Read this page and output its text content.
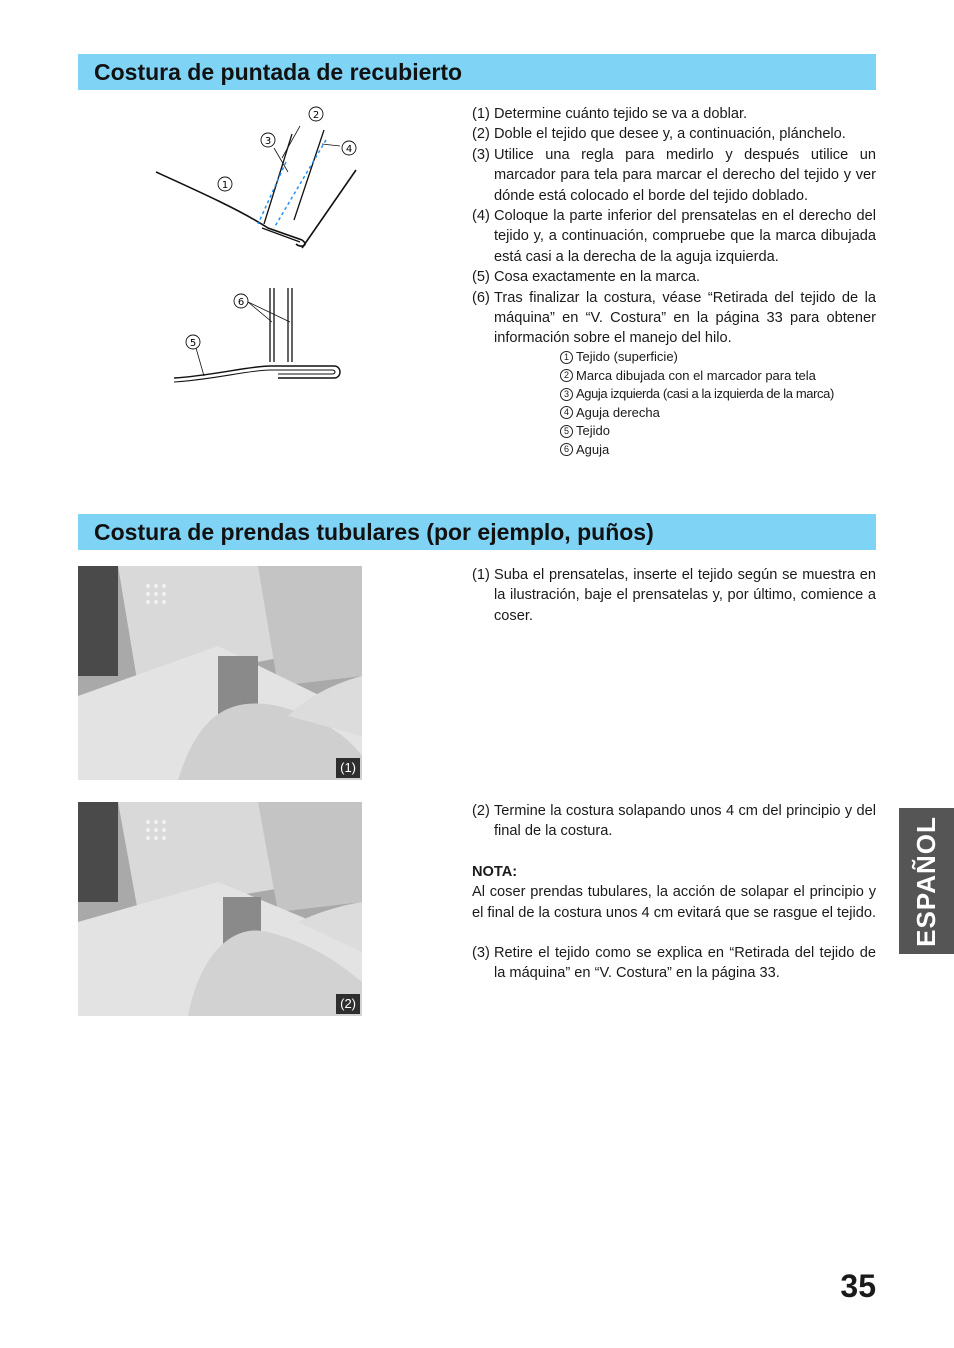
Costura de puntada de recubierto
1
2
3
4
6
5
(1) Determine cuánto tejido se va a doblar.
(2) Doble el tejido que desee y, a continuación, plánchelo.
(3) Utilice una regla para medirlo y después utilice un marcador para tela para marcar el derecho del tejido y ver dónde está colocado el borde del tejido doblado.
(4) Coloque la parte inferior del prensatelas en el derecho del tejido y, a continuación, compruebe que la marca dibujada está casi a la derecha de la aguja izquierda.
(5) Cosa exactamente en la marca.
(6) Tras finalizar la costura, véase “Retirada del tejido de la máquina” en “V. Costura” en la página 33 para obtener información sobre el manejo del hilo.
1 Tejido (superficie)
2 Marca dibujada con el marcador para tela
3 Aguja izquierda (casi a la izquierda de la marca)
4 Aguja derecha
5 Tejido
6 Aguja
Costura de prendas tubulares (por ejemplo, puños)
(1)
(2)
(1) Suba el prensatelas, inserte el tejido según se muestra en la ilustración, baje el prensatelas y, por último, comience a coser.
(2) Termine la costura solapando unos 4 cm del principio y del final de la costura.
NOTA:
Al coser prendas tubulares, la acción de solapar el principio y el final de la costura unos 4 cm evitará que se rasgue el tejido.
(3) Retire el tejido como se explica en “Retirada del tejido de la máquina” en “V. Costura” en la página 33.
ESPAÑOL
35
